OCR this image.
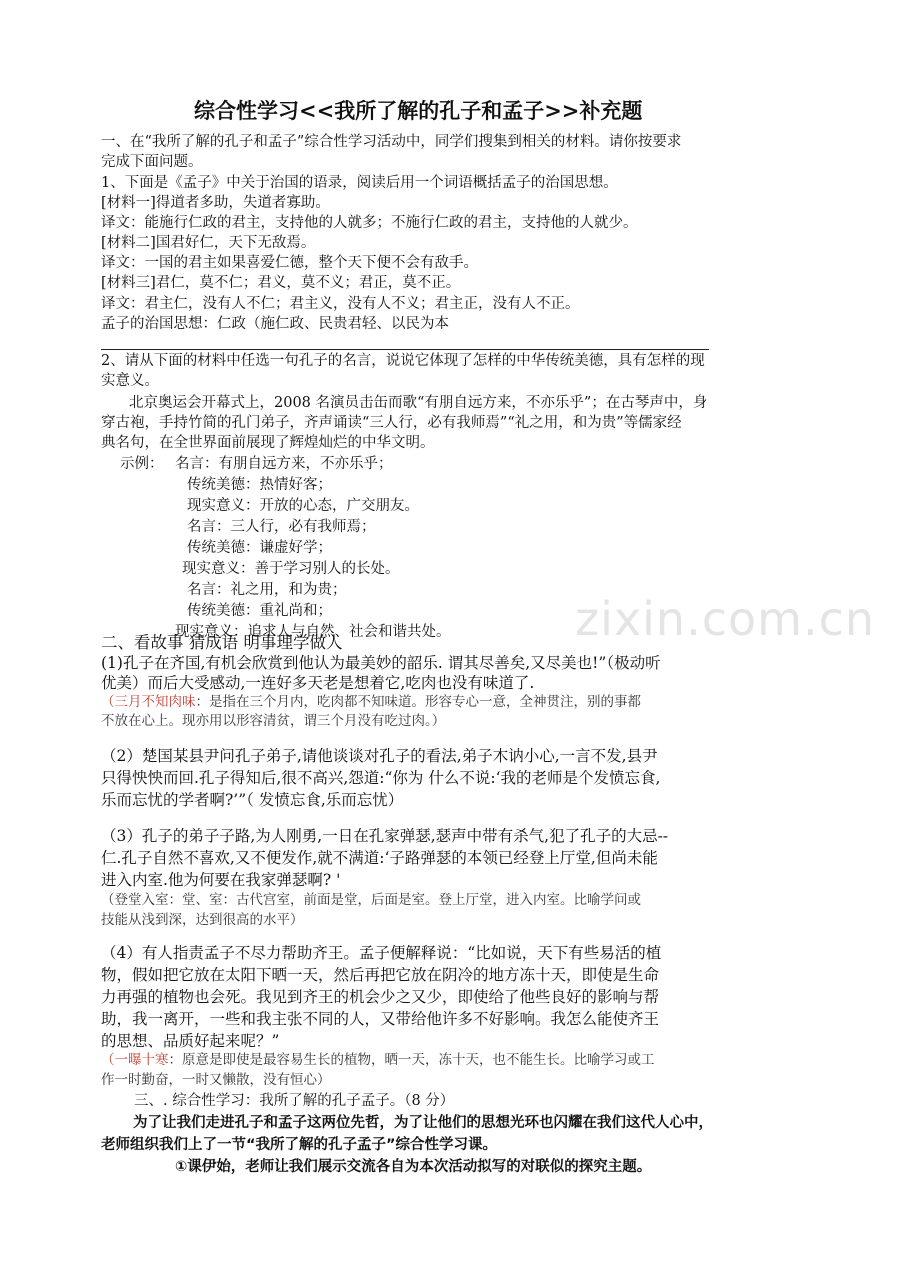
zixin.com.cn
综合性学习<<我所了解的孔子和孟子>>补充题
一、在“我所了解的孔子和孟子”综合性学习活动中，同学们搜集到相关的材料。请你按要求
完成下面问题。
1、下面是《孟子》中关于治国的语录，阅读后用一个词语概括孟子的治国思想。
[材料一]得道者多助，失道者寡助。
译文：能施行仁政的君主，支持他的人就多；不施行仁政的君主，支持他的人就少。
[材料二]国君好仁，天下无敌焉。
译文：一国的君主如果喜爱仁德，整个天下便不会有敌手。
[材料三]君仁，莫不仁；君义，莫不义；君正，莫不正。
译文：君主仁，没有人不仁；君主义，没有人不义；君主正，没有人不正。
孟子的治国思想：仁政（施仁政、民贵君轻、以民为本
2、请从下面的材料中任选一句孔子的名言，说说它体现了怎样的中华传统美德，具有怎样的现
实意义。
北京奥运会开幕式上，2008 名演员击缶而歌“有朋自远方来，不亦乐乎”；在古琴声中，身
穿古袍，手持竹简的孔门弟子，齐声诵读“三人行，必有我师焉”“礼之用，和为贵”等儒家经
典名句，在全世界面前展现了辉煌灿烂的中华文明。
示例： 名言：有朋自远方来，不亦乐乎；
传统美德：热情好客；
现实意义：开放的心态，广交朋友。
名言：三人行，必有我师焉；
传统美德：谦虚好学；
现实意义：善于学习别人的长处。
名言：礼之用，和为贵；
传统美德：重礼尚和；
现实意义：追求人与自然、社会和谐共处。
二、看故事 猜成语 明事理学做人
(1)孔子在齐国,有机会欣赏到他认为最美妙的韶乐. 谓其尽善矣,又尽美也!”（极动听
优美）而后大受感动,一连好多天老是想着它,吃肉也没有味道了.
（三月不知肉味：是指在三个月内，吃肉都不知味道。形容专心一意，全神贯注，别的事都
不放在心上。现亦用以形容清贫，谓三个月没有吃过肉。）
（2）楚国某县尹问孔子弟子,请他谈谈对孔子的看法,弟子木讷小心,一言不发,县尹
只得怏怏而回.孔子得知后,很不高兴,怨道:“你为 什么不说:‘我的老师是个发愤忘食,
乐而忘忧的学者啊?’”（ 发愤忘食,乐而忘忧）
（3）孔子的弟子子路,为人刚勇,一日在孔家弹瑟,瑟声中带有杀气,犯了孔子的大忌--
仁.孔子自然不喜欢,又不便发作,就不满道:‘子路弹瑟的本领已经登上厅堂,但尚未能
进入内室.他为何要在我家弹瑟啊? '
（登堂入室：堂、室：古代宫室，前面是堂，后面是室。登上厅堂，进入内室。比喻学问或
技能从浅到深，达到很高的水平）
（4）有人指责孟子不尽力帮助齐王。孟子便解释说：“比如说，天下有些易活的植
物，假如把它放在太阳下晒一天，然后再把它放在阴冷的地方冻十天，即使是生命
力再强的植物也会死。我见到齐王的机会少之又少，即使给了他些良好的影响与帮
助，我一离开，一些和我主张不同的人，又带给他许多不好影响。我怎么能使齐王
的思想、品质好起来呢？”
（一曝十寒：原意是即使是最容易生长的植物，晒一天，冻十天，也不能生长。比喻学习或工
作一时勤奋，一时又懒散，没有恒心）
三、. 综合性学习：我所了解的孔子孟子。（8 分）
为了让我们走进孔子和孟子这两位先哲，为了让他们的思想光环也闪耀在我们这代人心中，
老师组织我们上了一节“我所了解的孔子孟子”综合性学习课。
①课伊始，老师让我们展示交流各自为本次活动拟写的对联似的探究主题。
